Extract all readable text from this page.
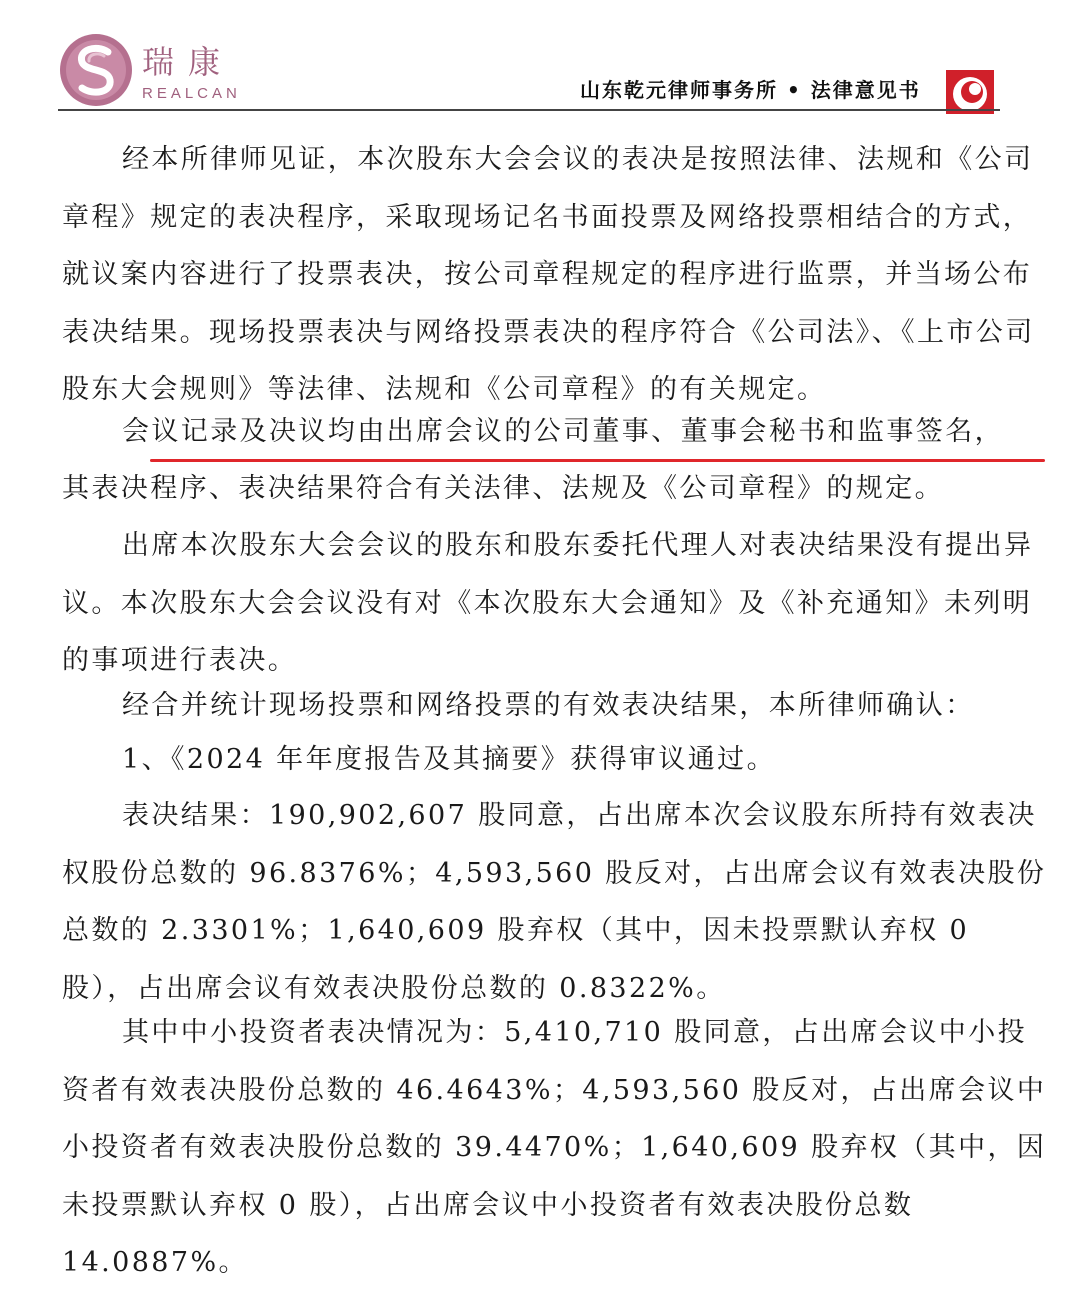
瑞康
REALCAN	山东乾元律师事务所 • 法律意见书

经本所律师见证，本次股东大会会议的表决是按照法律、法规和《公司章程》规定的表决程序，采取现场记名书面投票及网络投票相结合的方式，就议案内容进行了投票表决，按公司章程规定的程序进行监票，并当场公布表决结果。现场投票表决与网络投票表决的程序符合《公司法》、《上市公司股东大会规则》等法律、法规和《公司章程》的有关规定。

会议记录及决议均由出席会议的公司董事、董事会秘书和监事签名，

其表决程序、表决结果符合有关法律、法规及《公司章程》的规定。

出席本次股东大会会议的股东和股东委托代理人对表决结果没有提出异议。本次股东大会会议没有对《本次股东大会通知》及《补充通知》未列明的事项进行表决。

经合并统计现场投票和网络投票的有效表决结果，本所律师确认：

1、《2024 年年度报告及其摘要》获得审议通过。

表决结果：190,902,607 股同意，占出席本次会议股东所持有效表决权股份总数的 96.8376%；4,593,560 股反对，占出席会议有效表决股份总数的 2.3301%；1,640,609 股弃权（其中，因未投票默认弃权 0 股），占出席会议有效表决股份总数的 0.8322%。

其中中小投资者表决情况为：5,410,710 股同意，占出席会议中小投资者有效表决股份总数的 46.4643%；4,593,560 股反对，占出席会议中小投资者有效表决股份总数的 39.4470%；1,640,609 股弃权（其中，因未投票默认弃权 0 股），占出席会议中小投资者有效表决股份总数 14.0887%。
